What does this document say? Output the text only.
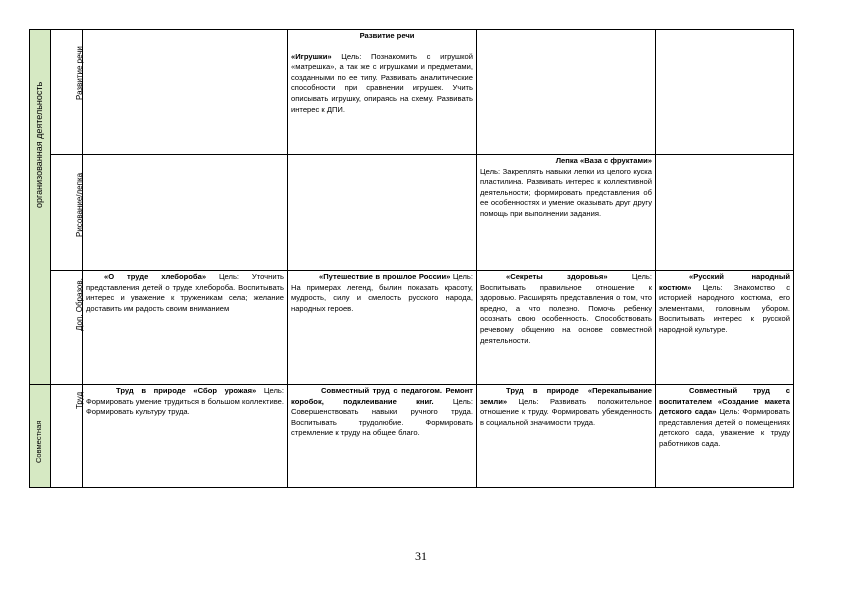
организованная деятельность
Совместная
Развитие речи
Рисование/лепка
Доп. Образов.
Труд
Развитие речи
«Игрушки» Цель: Познакомить с игрушкой «матрешка», а так же с игрушками и предметами, созданными по ее типу. Развивать аналитические способности при сравнении игрушек. Учить описывать игрушку, опираясь на схему. Развивать интерес к ДПИ.
Лепка «Ваза с фруктами»
Цель: Закреплять навыки лепки из целого куска пластилина. Развивать интерес к коллективной деятельности; формировать представления об ее особенностях и умение оказывать друг другу помощь при выполнении задания.
«О труде хлебороба» Цель: Уточнить представления детей о труде хлебороба. Воспитывать интерес и уважение к труженикам села; желание доставить им радость своим вниманием
«Путешествие в прошлое России» Цель: На примерах легенд, былин показать красоту, мудрость, силу и смелость русского народа, народных героев.
«Секреты здоровья»	Цель: Воспитывать правильное отношение к здоровью. Расширять представления о том, что вредно, а что полезно. Помочь ребенку осознать свою особенность. Способствовать речевому общению на основе совместной деятельности.
«Русский народный костюм» Цель: Знакомство с историей народного костюма, его элементами, головным убором. Воспитывать интерес к русской народной культуре.
Труд в природе «Сбор урожая» Цель: Формировать умение трудиться в большом коллективе. Формировать культуру труда.
Совместный труд с педагогом. Ремонт коробок, подклеивание книг.	Цель: Совершенствовать навыки ручного труда. Воспитывать трудолюбие. Формировать стремление к труду на общее благо.
Труд в природе «Перекапывание земли» Цель: Развивать положительное отношение к труду. Формировать убежденность в социальной значимости труда.
Совместный труд с воспитателем «Создание макета детского сада» Цель: Формировать представления детей о помещениях детского сада, уважение к труду работников сада.
31
